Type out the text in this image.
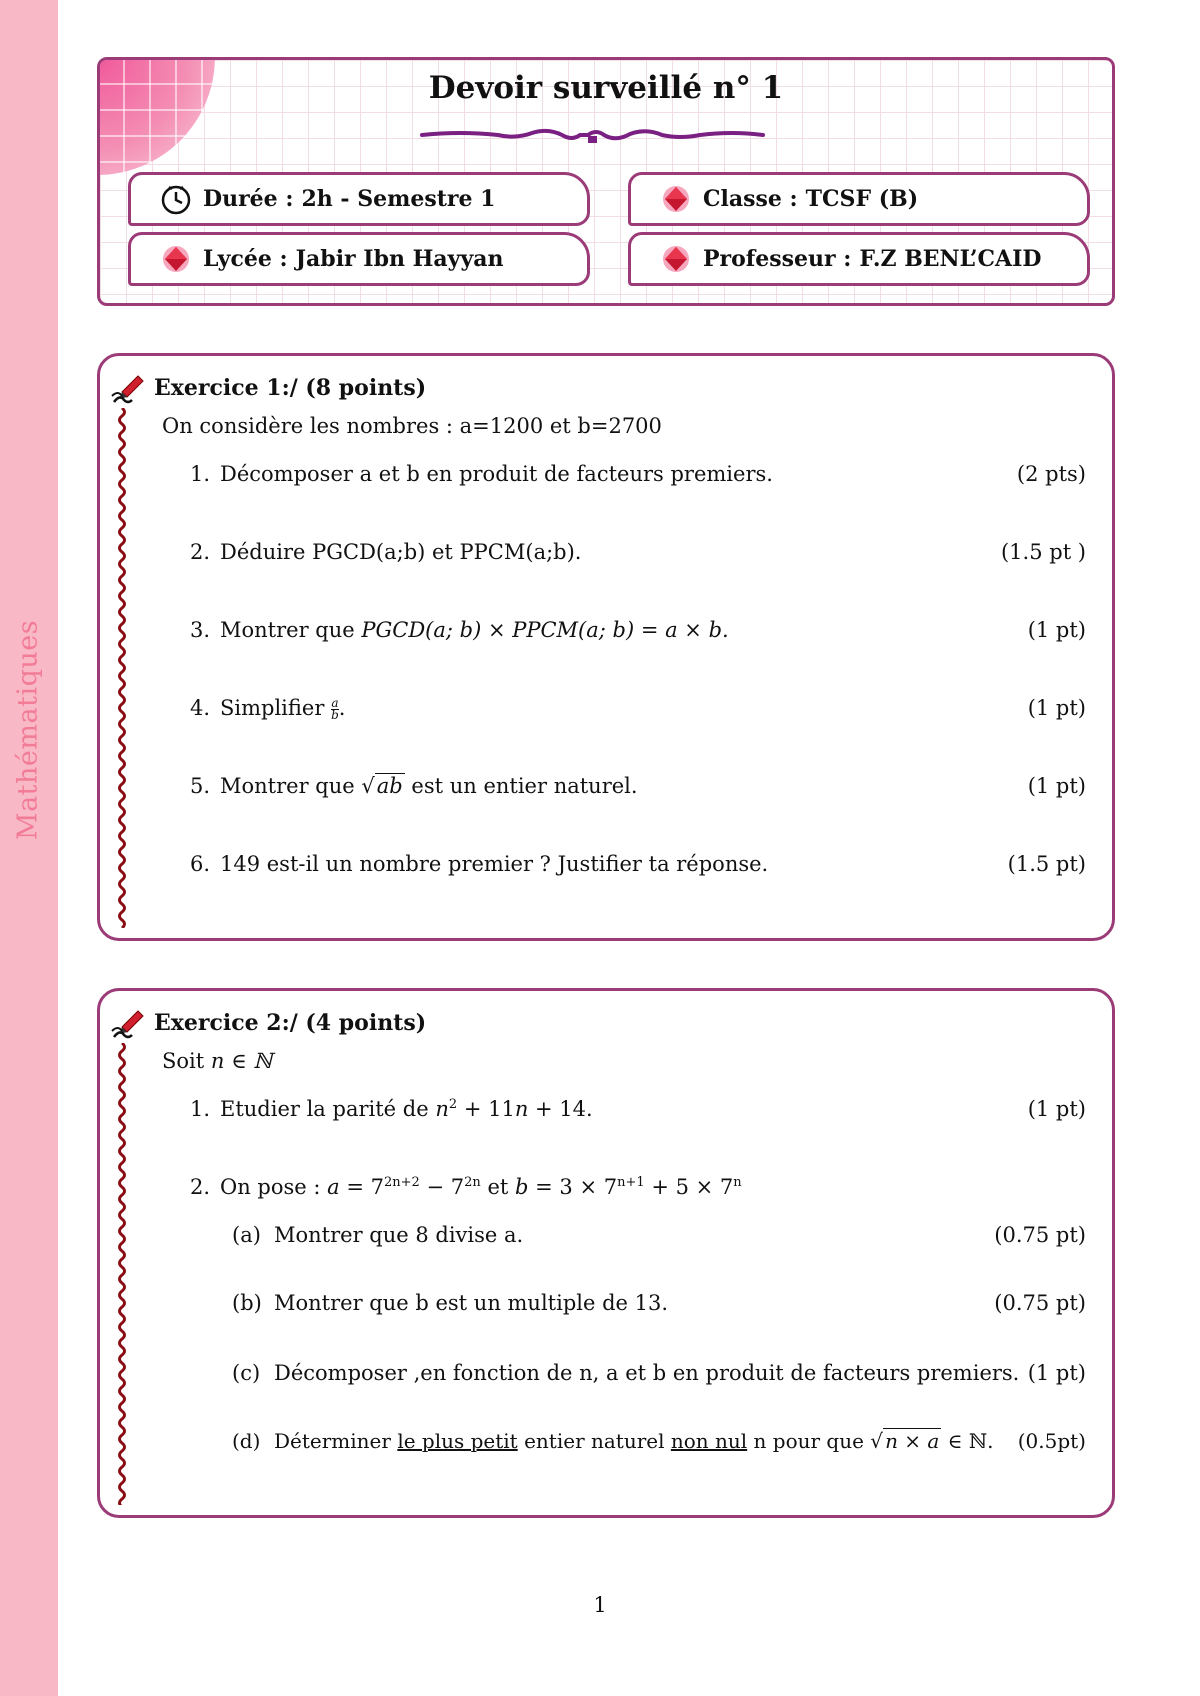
Mathématiques
Devoir surveillé n° 1
Durée : 2h - Semestre 1	Classe : TCSF (B)
Lycée : Jabir Ibn Hayyan	Professeur : F.Z BENL’CAID
Exercice 1:/ (8 points)
On considère les nombres : a=1200 et b=2700
1. Décomposer a et b en produit de facteurs premiers.	(2 pts)
2. Déduire PGCD(a;b) et PPCM(a;b).	(1.5 pt )
3. Montrer que PGCD(a; b) × PPCM(a; b) = a × b.	(1 pt)
4. Simplifier $\frac{a}{b}$ .	(1 pt)
5. Montrer que √ab est un entier naturel.	(1 pt)
6. 149 est-il un nombre premier ? Justifier ta réponse.	(1.5 pt)
Exercice 2:/ (4 points)
Soit n ∈ ℕ
1. Etudier la parité de $n^2 + 11n + 14$.	(1 pt)
2. On pose : $a = 7^{2n+2} - 7^{2n}$ et $b = 3 \times 7^{n+1} + 5 \times 7^n$
(a) Montrer que 8 divise a.	(0.75 pt)
(b) Montrer que b est un multiple de 13.	(0.75 pt)
(c) Décomposer ,en fonction de n, a et b en produit de facteurs premiers. (1 pt)
(d) Déterminer le plus petit entier naturel non nul n pour que √ n × a ∈ ℕ. (0.5pt)
1
